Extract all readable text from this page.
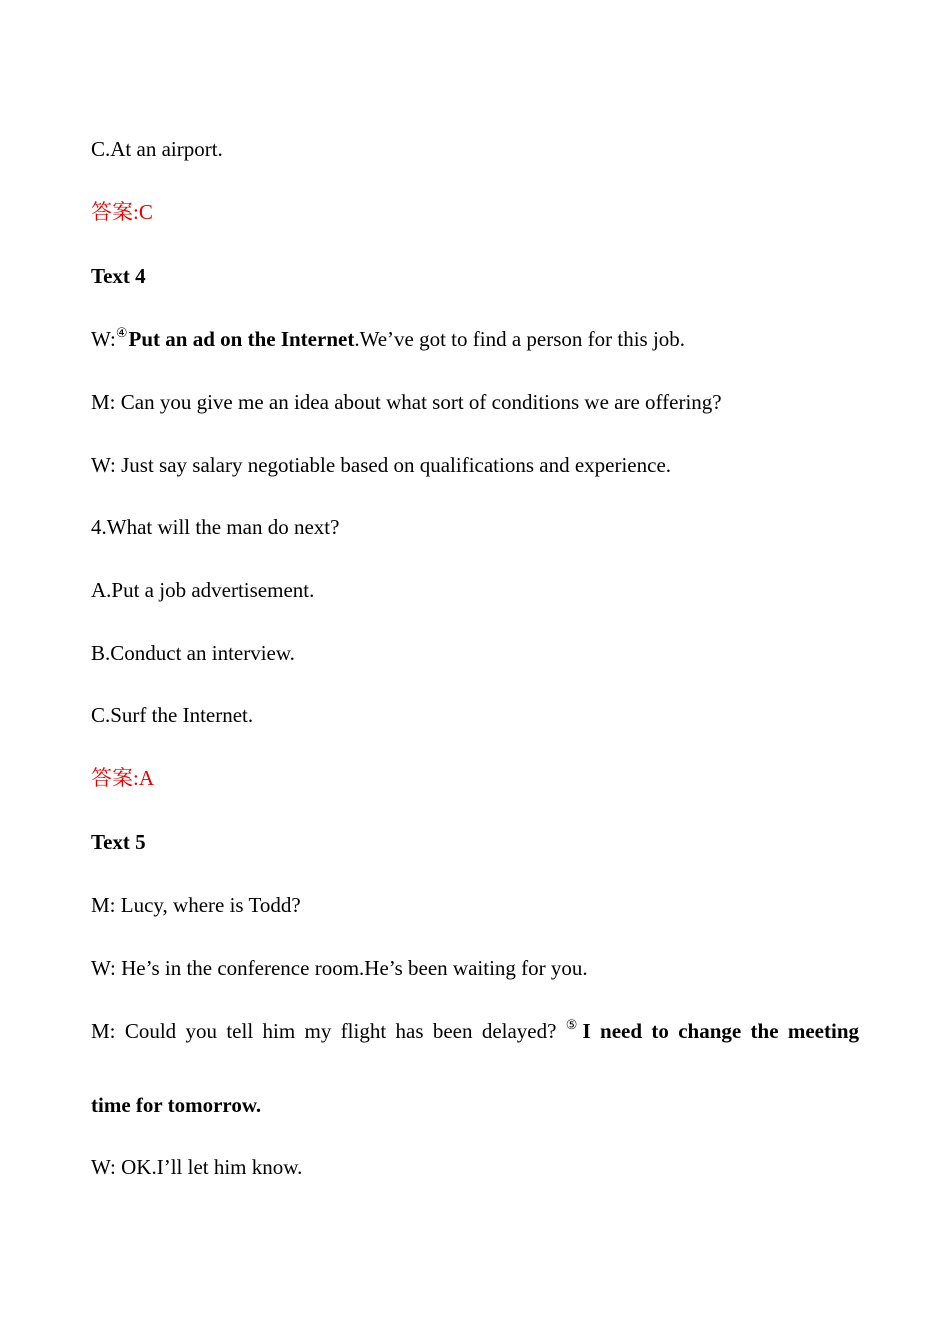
C.At an airport.
答案:C
Text 4
W:④Put an ad on the Internet.We’ve got to find a person for this job.
M: Can you give me an idea about what sort of conditions we are offering?
W: Just say salary negotiable based on qualifications and experience.
4.What will the man do next?
A.Put a job advertisement.
B.Conduct an interview.
C.Surf the Internet.
答案:A
Text 5
M: Lucy, where is Todd?
W: He’s in the conference room.He’s been waiting for you.
M: Could you tell him my flight has been delayed? ⑤I need to change the meeting
time for tomorrow.
W: OK.I’ll let him know.
